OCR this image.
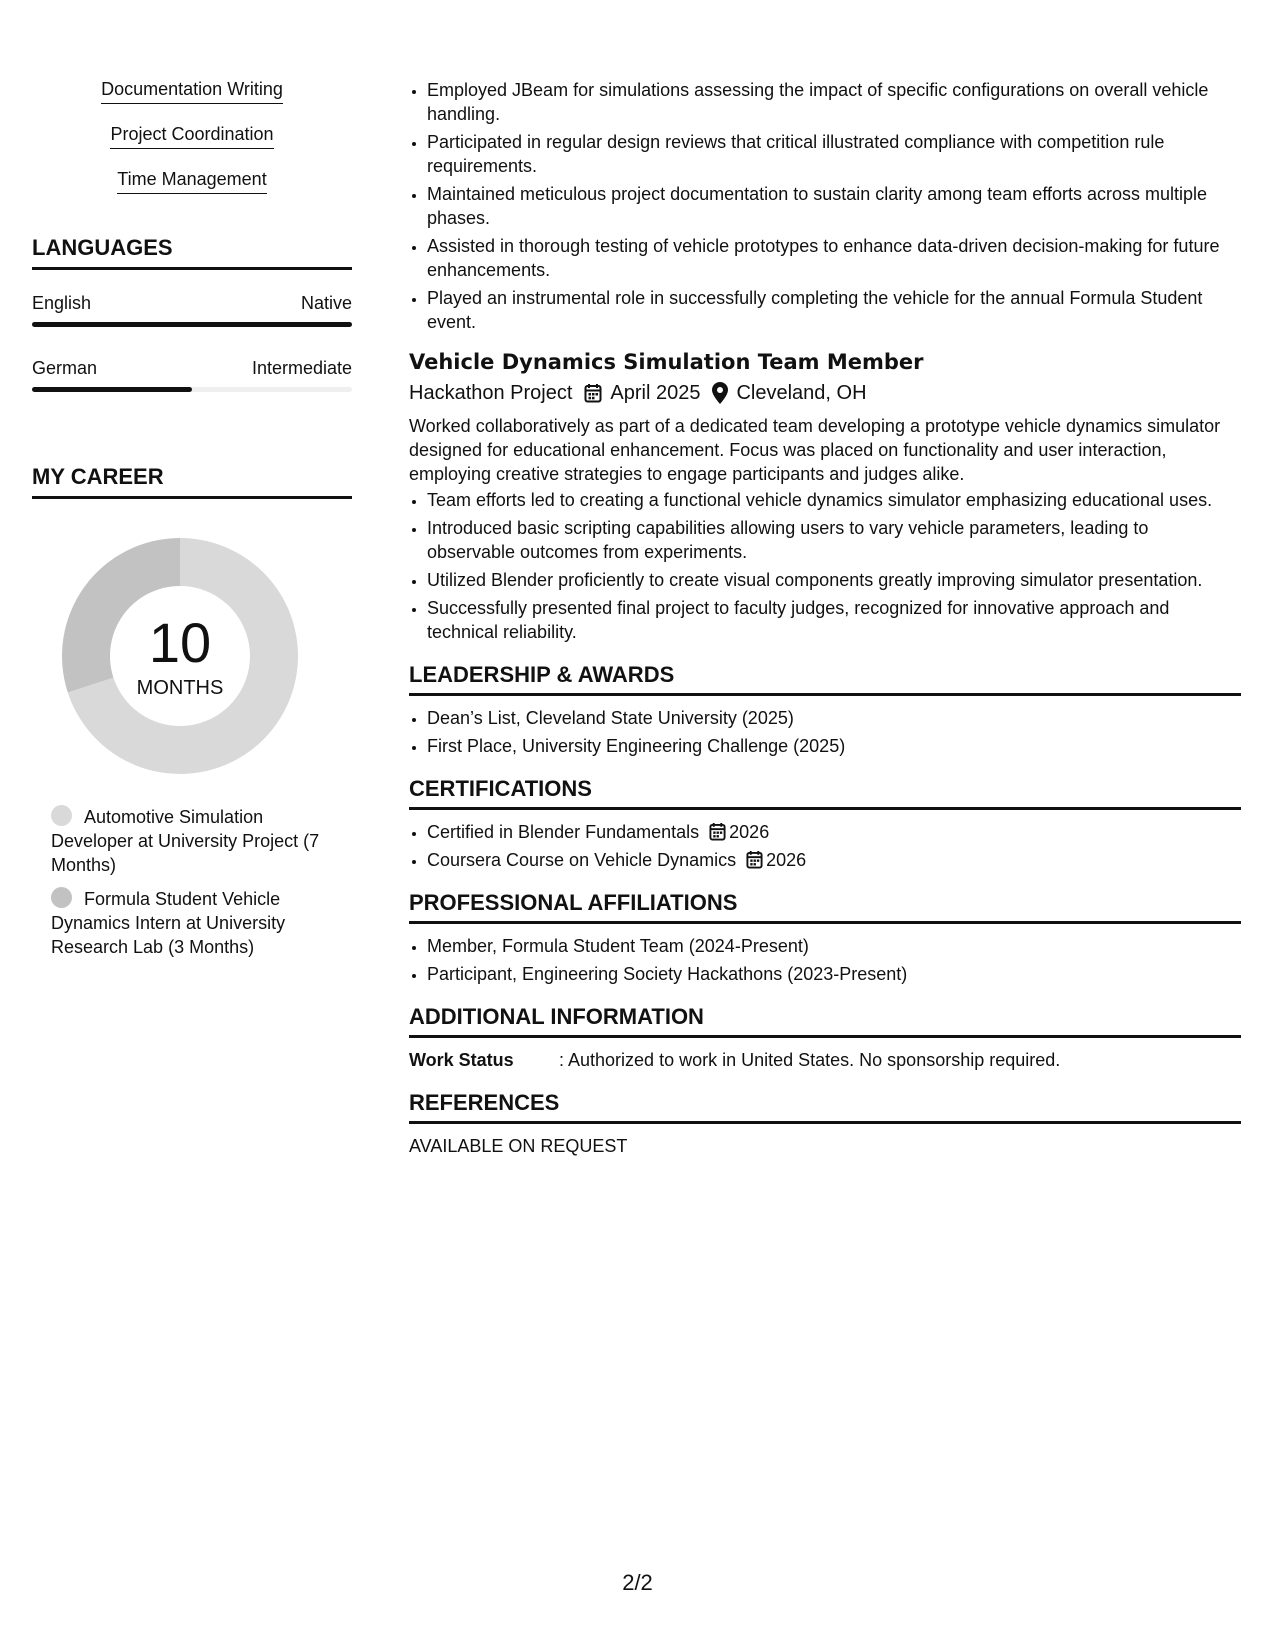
Documentation Writing
Project Coordination
Time Management
LANGUAGES
English	Native
German	Intermediate
MY CAREER
10
MONTHS
Automotive Simulation Developer at University Project (7 Months)
Formula Student Vehicle Dynamics Intern at University Research Lab (3 Months)
• Employed JBeam for simulations assessing the impact of specific configurations on overall vehicle handling.
• Participated in regular design reviews that critical illustrated compliance with competition rule requirements.
• Maintained meticulous project documentation to sustain clarity among team efforts across multiple phases.
• Assisted in thorough testing of vehicle prototypes to enhance data-driven decision-making for future enhancements.
• Played an instrumental role in successfully completing the vehicle for the annual Formula Student event.
Vehicle Dynamics Simulation Team Member
Hackathon Project April 2025 Cleveland, OH

Worked collaboratively as part of a dedicated team developing a prototype vehicle dynamics simulator designed for educational enhancement. Focus was placed on functionality and user interaction, employing creative strategies to engage participants and judges alike.

• Team efforts led to creating a functional vehicle dynamics simulator emphasizing educational uses.
• Introduced basic scripting capabilities allowing users to vary vehicle parameters, leading to observable outcomes from experiments.
• Utilized Blender proficiently to create visual components greatly improving simulator presentation.
• Successfully presented final project to faculty judges, recognized for innovative approach and technical reliability.
LEADERSHIP & AWARDS
• Dean’s List, Cleveland State University (2025)
• First Place, University Engineering Challenge (2025)
CERTIFICATIONS
• Certified in Blender Fundamentals 2026
• Coursera Course on Vehicle Dynamics 2026
PROFESSIONAL AFFILIATIONS
• Member, Formula Student Team (2024-Present)
• Participant, Engineering Society Hackathons (2023-Present)
ADDITIONAL INFORMATION
Work Status	: Authorized to work in United States. No sponsorship required.
REFERENCES
AVAILABLE ON REQUEST
2/2
